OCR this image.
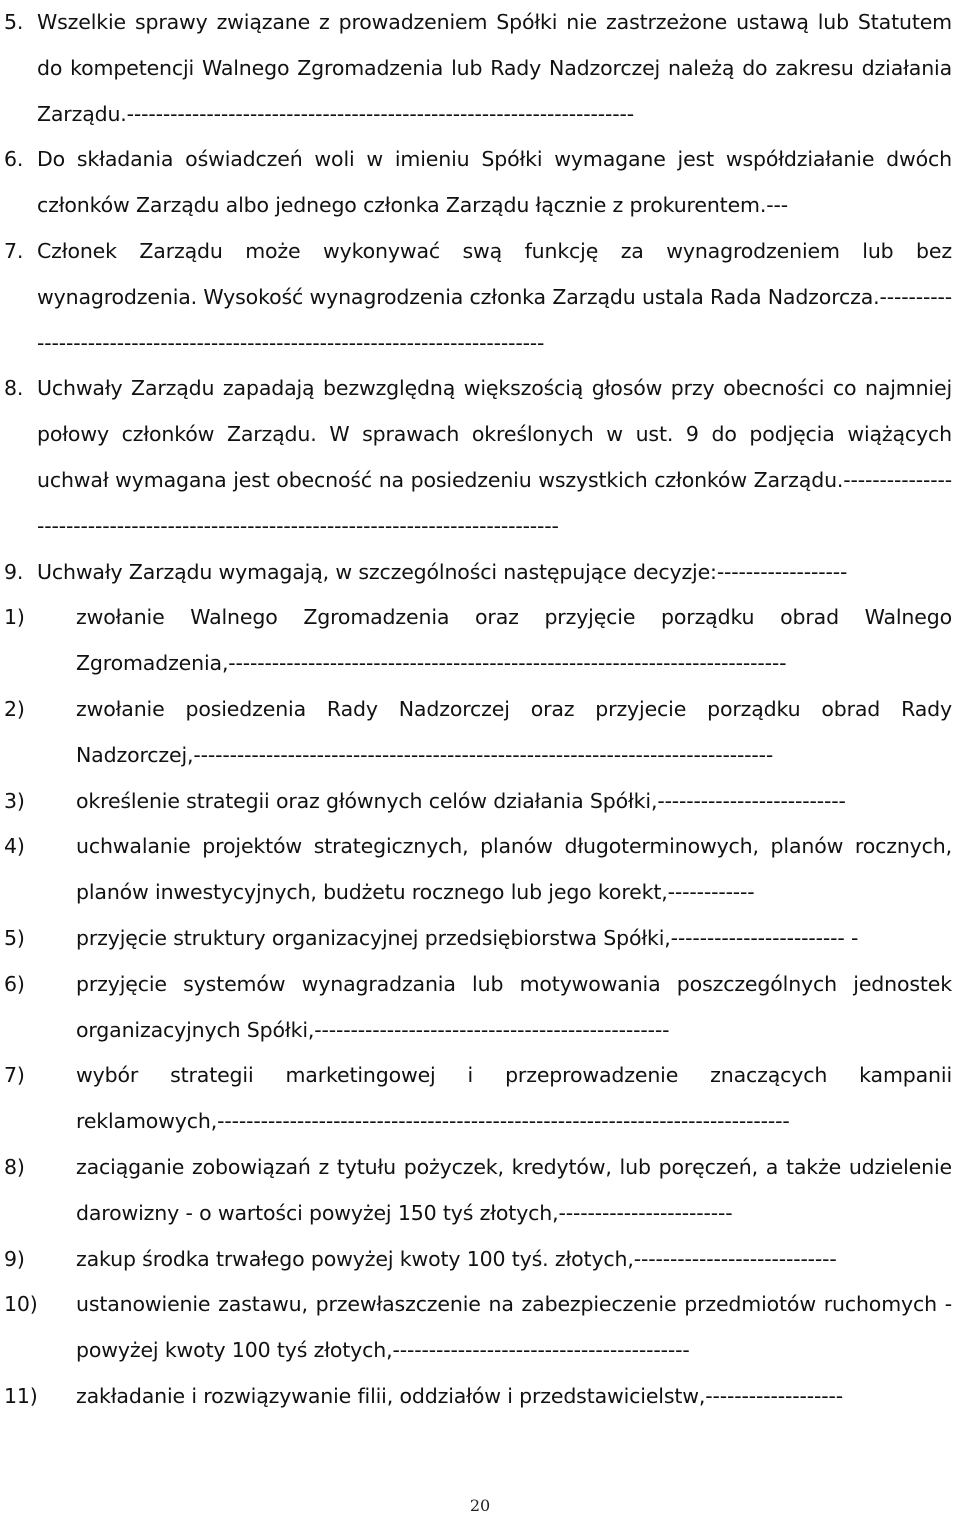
5. Wszelkie sprawy związane z prowadzeniem Spółki nie zastrzeżone ustawą lub Statutem do kompetencji Walnego Zgromadzenia lub Rady Nadzorczej należą do zakresu działania Zarządu.----------------------------------------------------------------------
6. Do składania oświadczeń woli w imieniu Spółki wymagane jest współdziałanie dwóch członków Zarządu albo jednego członka Zarządu łącznie z prokurentem.---
7. Członek Zarządu może wykonywać swą funkcję za wynagrodzeniem lub bez wynagrodzenia. Wysokość wynagrodzenia członka Zarządu ustala Rada Nadzorcza.--------------------------------------------------------------------------------
8. Uchwały Zarządu zapadają bezwzględną większością głosów przy obecności co najmniej połowy członków Zarządu. W sprawach określonych w ust. 9 do podjęcia wiążących uchwał wymagana jest obecność na posiedzeniu wszystkich członków Zarządu.---------------------------------------------------------------------------------------
9. Uchwały Zarządu wymagają, w szczególności następujące decyzje:------------------
1)	zwołanie Walnego Zgromadzenia oraz przyjęcie porządku obrad Walnego Zgromadzenia,-----------------------------------------------------------------------------
2)	zwołanie posiedzenia Rady Nadzorczej oraz przyjecie porządku obrad Rady Nadzorczej,--------------------------------------------------------------------------------
3)	określenie strategii oraz głównych celów działania Spółki,--------------------------
4)	uchwalanie projektów strategicznych, planów długoterminowych, planów rocznych, planów inwestycyjnych, budżetu rocznego lub jego korekt,------------
5)	przyjęcie struktury organizacyjnej przedsiębiorstwa Spółki,------------------------ -
6)	przyjęcie systemów wynagradzania lub motywowania poszczególnych jednostek organizacyjnych Spółki,-------------------------------------------------
7)	wybór strategii marketingowej i przeprowadzenie znaczących kampanii reklamowych,-------------------------------------------------------------------------------
8)	zaciąganie zobowiązań z tytułu pożyczek, kredytów, lub poręczeń, a także udzielenie darowizny - o wartości powyżej 150 tyś złotych,------------------------
9)	zakup środka trwałego powyżej kwoty 100 tyś. złotych,----------------------------
10)	ustanowienie zastawu, przewłaszczenie na zabezpieczenie przedmiotów ruchomych - powyżej kwoty 100 tyś złotych,-----------------------------------------
11)	zakładanie i rozwiązywanie filii, oddziałów i przedstawicielstw,-------------------
20
